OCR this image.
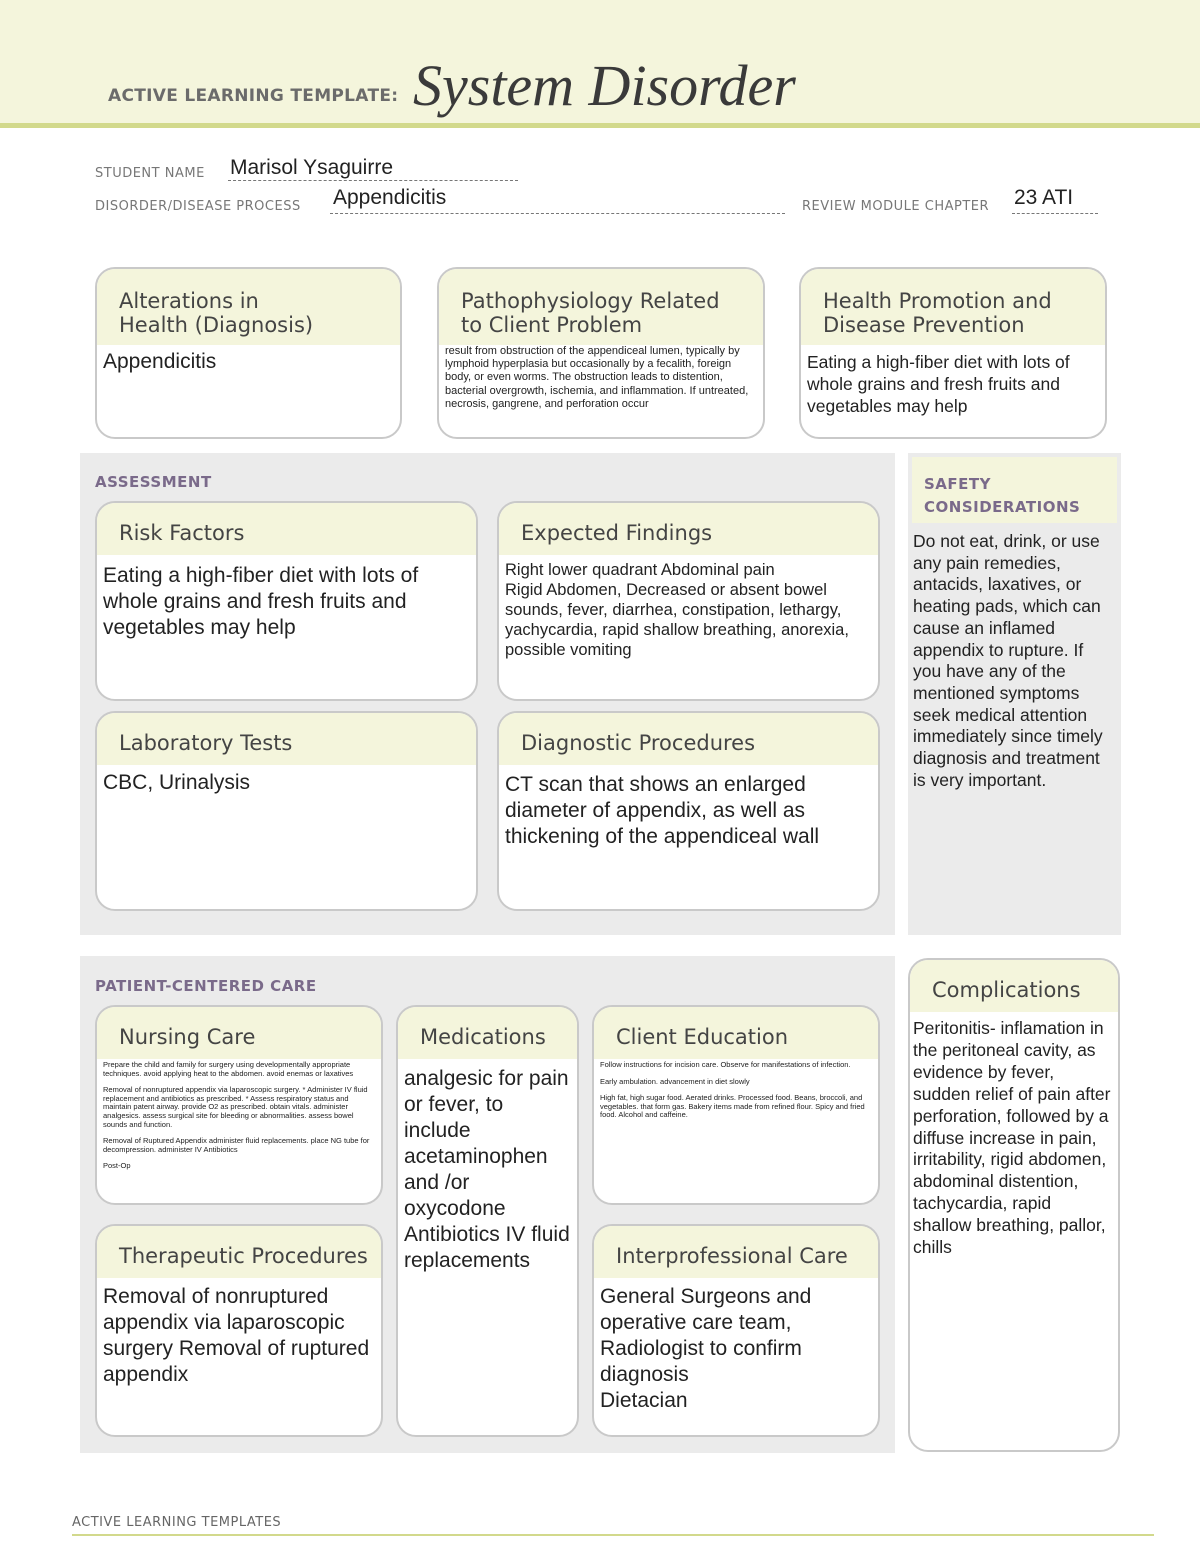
ACTIVE LEARNING TEMPLATE: System Disorder
STUDENT NAME Marisol Ysaguirre
DISORDER/DISEASE PROCESS Appendicitis	REVIEW MODULE CHAPTER 23 ATI
Alterations in
Health (Diagnosis)
Appendicitis
Pathophysiology Related
to Client Problem
result from obstruction of the appendiceal lumen, typically by lymphoid hyperplasia but occasionally by a fecalith, foreign body, or even worms. The obstruction leads to distention, bacterial overgrowth, ischemia, and inflammation. If untreated, necrosis, gangrene, and perforation occur
Health Promotion and
Disease Prevention
Eating a high-fiber diet with lots of whole grains and fresh fruits and vegetables may help
ASSESSMENT
Risk Factors
Eating a high-fiber diet with lots of whole grains and fresh fruits and vegetables may help
Expected Findings
Right lower quadrant Abdominal pain
Rigid Abdomen, Decreased or absent bowel sounds, fever, diarrhea, constipation, lethargy, yachycardia, rapid shallow breathing, anorexia, possible vomiting
Laboratory Tests
CBC, Urinalysis
Diagnostic Procedures
CT scan that shows an enlarged diameter of appendix, as well as thickening of the appendiceal wall
SAFETY
CONSIDERATIONS
Do not eat, drink, or use any pain remedies, antacids, laxatives, or heating pads, which can cause an inflamed appendix to rupture. If you have any of the mentioned symptoms seek medical attention immediately since timely diagnosis and treatment is very important.
PATIENT-CENTERED CARE
Nursing Care

Prepare the child and family for surgery using developmentally appropriate techniques. avoid applying heat to the abdomen. avoid enemas or laxatives

Removal of nonruptured appendix via laparoscopic surgery. * Administer IV fluid replacement and antibiotics as prescribed. * Assess respiratory status and maintain patent airway. provide O2 as prescribed. obtain vitals. administer analgesics. assess surgical site for bleeding or abnormalities. assess bowel sounds and function.

Removal of Ruptured Appendix administer fluid replacements. place NG tube for decompression. administer IV Antibiotics

Post-Op

Medications
analgesic for pain or fever, to include acetaminophen and /or oxycodone Antibiotics IV fluid replacements
Client Education

Follow instructions for incision care. Observe for manifestations of infection.

Early ambulation. advancement in diet slowly

High fat, high sugar food. Aerated drinks. Processed food. Beans, broccoli, and vegetables. that form gas. Bakery items made from refined flour. Spicy and fried food. Alcohol and caffeine.

Therapeutic Procedures
Removal of nonruptured appendix via laparoscopic surgery Removal of ruptured appendix
Interprofessional Care
General Surgeons and operative care team,
Radiologist to confirm diagnosis
Dietacian
Complications
Peritonitis- inflamation in the peritoneal cavity, as evidence by fever, sudden relief of pain after perforation, followed by a diffuse increase in pain, irritability, rigid abdomen, abdominal distention, tachycardia, rapid shallow breathing, pallor, chills
ACTIVE LEARNING TEMPLATES
